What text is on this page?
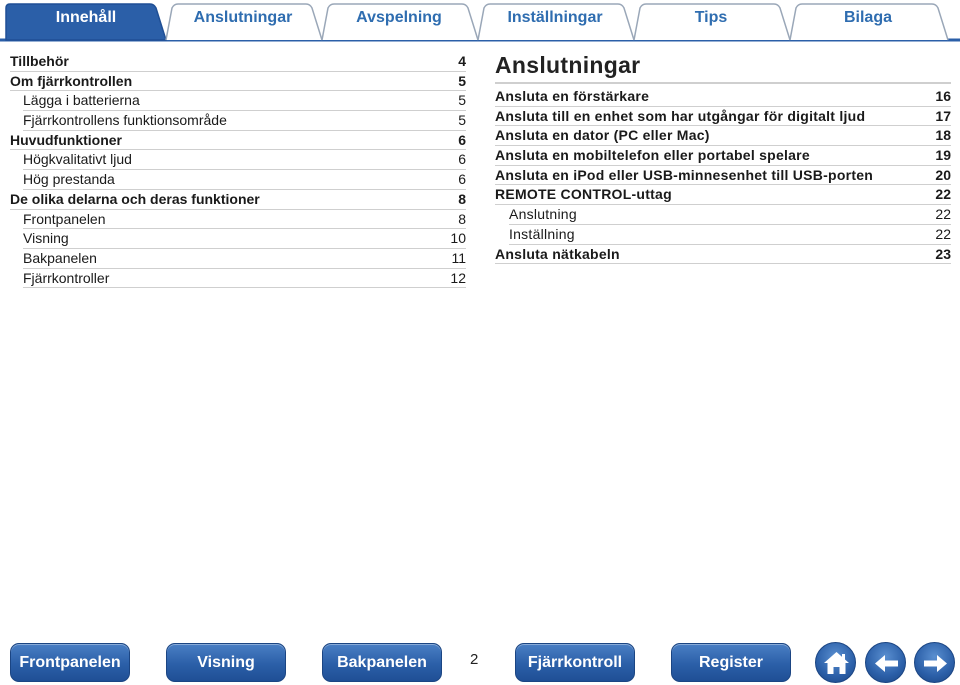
Innehåll	Anslutningar	Avspelning	Inställningar	Tips	Bilaga
Tillbehör	4
Om fjärrkontrollen	5
Lägga i batterierna	5
Fjärrkontrollens funktionsområde	5
Huvudfunktioner	6
Högkvalitativt ljud	6
Hög prestanda	6
De olika delarna och deras funktioner	8
Frontpanelen	8
Visning	10
Bakpanelen	11
Fjärrkontroller	12
Anslutningar
Ansluta en förstärkare	16
Ansluta till en enhet som har utgångar för digitalt ljud	17
Ansluta en dator (PC eller Mac)	18
Ansluta en mobiltelefon eller portabel spelare	19
Ansluta en iPod eller USB-minnesenhet till USB-porten	20
REMOTE CONTROL-uttag	22
Anslutning	22
Inställning	22
Ansluta nätkabeln	23
Frontpanelen	Visning	Bakpanelen	2	Fjärrkontroll	Register
